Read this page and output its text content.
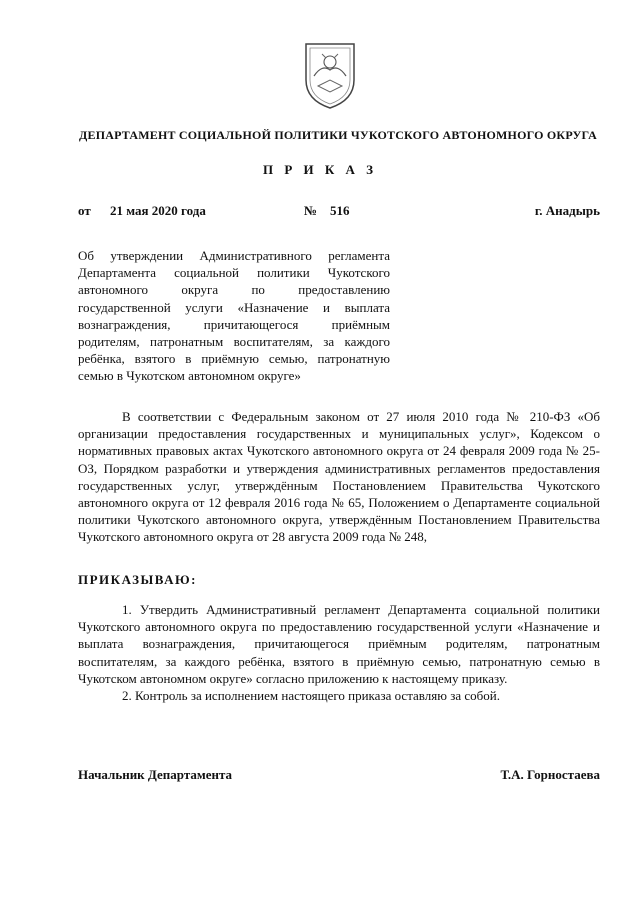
ДЕПАРТАМЕНТ СОЦИАЛЬНОЙ ПОЛИТИКИ ЧУКОТСКОГО АВТОНОМНОГО ОКРУГА
П Р И К А З
от 21 мая 2020 года	№ 516	г. Анадырь
Об утверждении Административного регламента Департамента социальной политики Чукотского автономного округа по предоставлению государственной услуги «Назначение и выплата вознаграждения, причитающегося приёмным родителям, патронатным воспитателям, за каждого ребёнка, взятого в приёмную семью, патронатную семью в Чукотском автономном округе»
В соответствии с Федеральным законом от 27 июля 2010 года № 210-ФЗ «Об организации предоставления государственных и муниципальных услуг», Кодексом о нормативных правовых актах Чукотского автономного округа от 24 февраля 2009 года № 25-ОЗ, Порядком разработки и утверждения административных регламентов предоставления государственных услуг, утверждённым Постановлением Правительства Чукотского автономного округа от 12 февраля 2016 года № 65, Положением о Департаменте социальной политики Чукотского автономного округа, утверждённым Постановлением Правительства Чукотского автономного округа от 28 августа 2009 года № 248,
ПРИКАЗЫВАЮ:

1. Утвердить Административный регламент Департамента социальной политики Чукотского автономного округа по предоставлению государственной услуги «Назначение и выплата вознаграждения, причитающегося приёмным родителям, патронатным воспитателям, за каждого ребёнка, взятого в приёмную семью, патронатную семью в Чукотском автономном округе» согласно приложению к настоящему приказу.

2. Контроль за исполнением настоящего приказа оставляю за собой.

Начальник Департамента	Т.А. Горностаева
